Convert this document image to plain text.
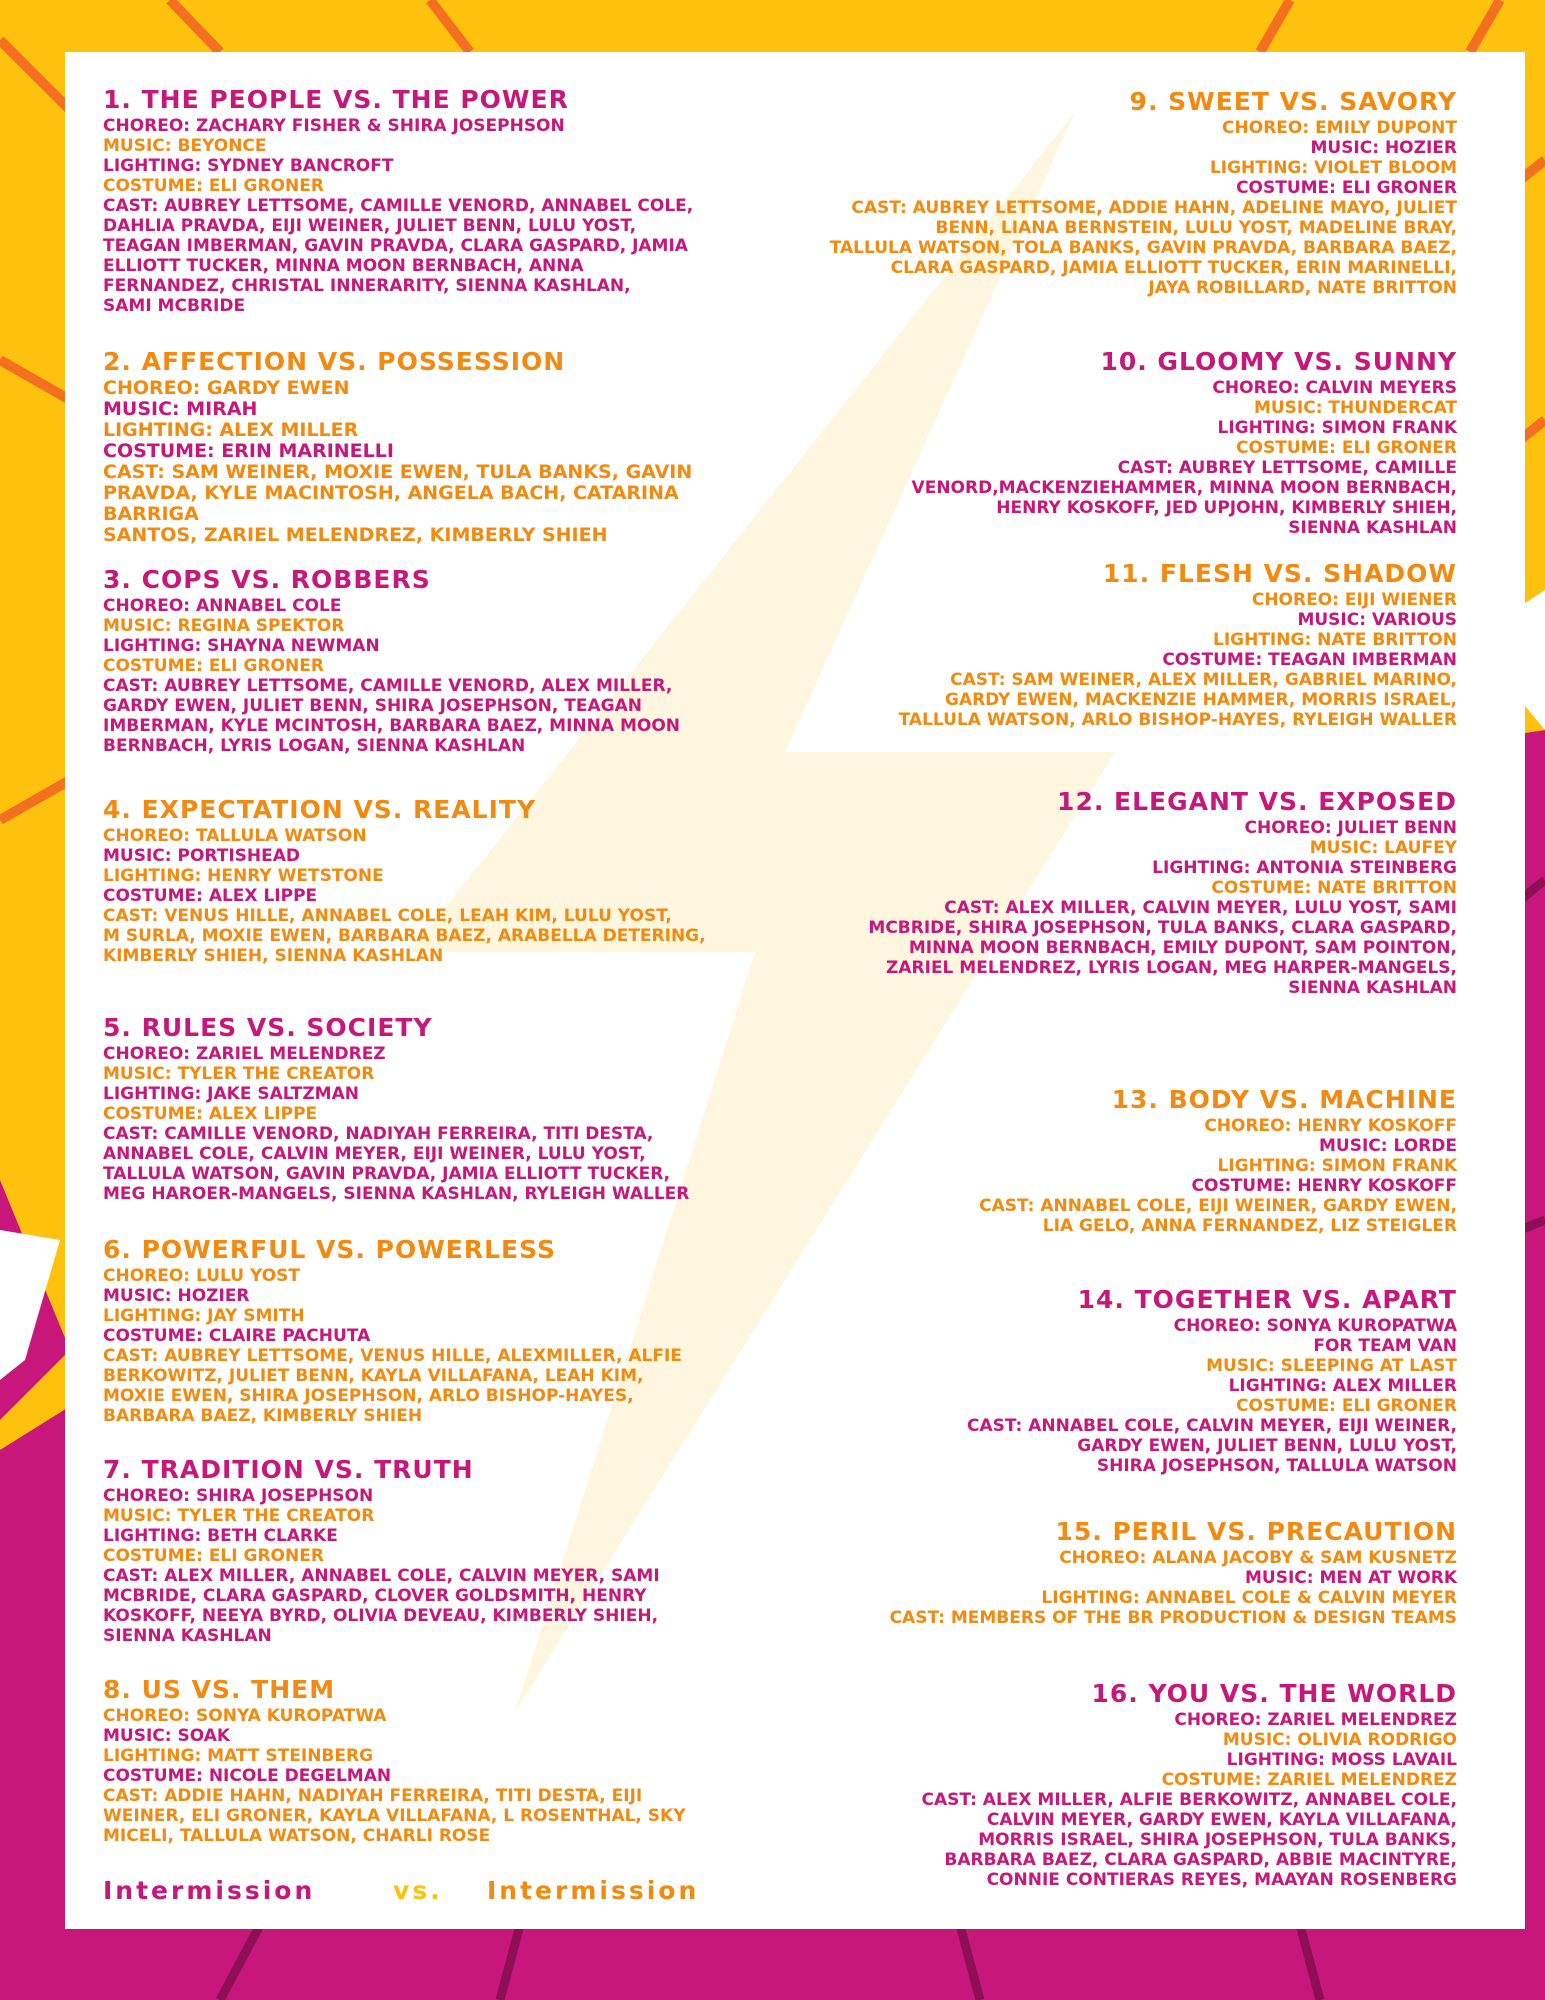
1. THE PEOPLE VS. THE POWER
CHOREO: ZACHARY FISHER & SHIRA JOSEPHSON
MUSIC: BEYONCE
LIGHTING: SYDNEY BANCROFT
COSTUME: ELI GRONER
CAST: AUBREY LETTSOME, CAMILLE VENORD, ANNABEL COLE,
DAHLIA PRAVDA, EIJI WEINER, JULIET BENN, LULU YOST,
TEAGAN IMBERMAN, GAVIN PRAVDA, CLARA GASPARD, JAMIA
ELLIOTT TUCKER, MINNA MOON BERNBACH, ANNA
FERNANDEZ, CHRISTAL INNERARITY, SIENNA KASHLAN,
SAMI MCBRIDE
2. AFFECTION VS. POSSESSION
CHOREO: GARDY EWEN
MUSIC: MIRAH
LIGHTING: ALEX MILLER
COSTUME: ERIN MARINELLI
CAST: SAM WEINER, MOXIE EWEN, TULA BANKS, GAVIN
PRAVDA, KYLE MACINTOSH, ANGELA BACH, CATARINA BARRIGA
SANTOS, ZARIEL MELENDREZ, KIMBERLY SHIEH
3. COPS VS. ROBBERS
CHOREO: ANNABEL COLE
MUSIC: REGINA SPEKTOR
LIGHTING: SHAYNA NEWMAN
COSTUME: ELI GRONER
CAST: AUBREY LETTSOME, CAMILLE VENORD, ALEX MILLER,
GARDY EWEN, JULIET BENN, SHIRA JOSEPHSON, TEAGAN
IMBERMAN, KYLE MCINTOSH, BARBARA BAEZ, MINNA MOON
BERNBACH, LYRIS LOGAN, SIENNA KASHLAN
4. EXPECTATION VS. REALITY
CHOREO: TALLULA WATSON
MUSIC: PORTISHEAD
LIGHTING: HENRY WETSTONE
COSTUME: ALEX LIPPE
CAST: VENUS HILLE, ANNABEL COLE, LEAH KIM, LULU YOST,
M SURLA, MOXIE EWEN, BARBARA BAEZ, ARABELLA DETERING,
KIMBERLY SHIEH, SIENNA KASHLAN
5. RULES VS. SOCIETY
CHOREO: ZARIEL MELENDREZ
MUSIC: TYLER THE CREATOR
LIGHTING: JAKE SALTZMAN
COSTUME: ALEX LIPPE
CAST: CAMILLE VENORD, NADIYAH FERREIRA, TITI DESTA,
ANNABEL COLE, CALVIN MEYER, EIJI WEINER, LULU YOST,
TALLULA WATSON, GAVIN PRAVDA, JAMIA ELLIOTT TUCKER,
MEG HAROER-MANGELS, SIENNA KASHLAN, RYLEIGH WALLER
6. POWERFUL VS. POWERLESS
CHOREO: LULU YOST
MUSIC: HOZIER
LIGHTING: JAY SMITH
COSTUME: CLAIRE PACHUTA
CAST: AUBREY LETTSOME, VENUS HILLE, ALEXMILLER, ALFIE
BERKOWITZ, JULIET BENN, KAYLA VILLAFANA, LEAH KIM,
MOXIE EWEN, SHIRA JOSEPHSON, ARLO BISHOP-HAYES,
BARBARA BAEZ, KIMBERLY SHIEH
7. TRADITION VS. TRUTH
CHOREO: SHIRA JOSEPHSON
MUSIC: TYLER THE CREATOR
LIGHTING: BETH CLARKE
COSTUME: ELI GRONER
CAST: ALEX MILLER, ANNABEL COLE, CALVIN MEYER, SAMI
MCBRIDE, CLARA GASPARD, CLOVER GOLDSMITH, HENRY
KOSKOFF, NEEYA BYRD, OLIVIA DEVEAU, KIMBERLY SHIEH,
SIENNA KASHLAN
8. US VS. THEM
CHOREO: SONYA KUROPATWA
MUSIC: SOAK
LIGHTING: MATT STEINBERG
COSTUME: NICOLE DEGELMAN
CAST: ADDIE HAHN, NADIYAH FERREIRA, TITI DESTA, EIJI
WEINER, ELI GRONER, KAYLA VILLAFANA, L ROSENTHAL, SKY
MICELI, TALLULA WATSON, CHARLI ROSE
Intermission	vs. Intermission
9. SWEET VS. SAVORY
CHOREO: EMILY DUPONT
MUSIC: HOZIER
LIGHTING: VIOLET BLOOM
COSTUME: ELI GRONER
CAST: AUBREY LETTSOME, ADDIE HAHN, ADELINE MAYO, JULIET
BENN, LIANA BERNSTEIN, LULU YOST, MADELINE BRAY,
TALLULA WATSON, TOLA BANKS, GAVIN PRAVDA, BARBARA BAEZ,
CLARA GASPARD, JAMIA ELLIOTT TUCKER, ERIN MARINELLI,
JAYA ROBILLARD, NATE BRITTON
10. GLOOMY VS. SUNNY
CHOREO: CALVIN MEYERS
MUSIC: THUNDERCAT
LIGHTING: SIMON FRANK
COSTUME: ELI GRONER
CAST: AUBREY LETTSOME, CAMILLE
VENORD,MACKENZIEHAMMER, MINNA MOON BERNBACH,
HENRY KOSKOFF, JED UPJOHN, KIMBERLY SHIEH,
SIENNA KASHLAN
11. FLESH VS. SHADOW
CHOREO: EIJI WIENER
MUSIC: VARIOUS
LIGHTING: NATE BRITTON
COSTUME: TEAGAN IMBERMAN
CAST: SAM WEINER, ALEX MILLER, GABRIEL MARINO,
GARDY EWEN, MACKENZIE HAMMER, MORRIS ISRAEL,
TALLULA WATSON, ARLO BISHOP-HAYES, RYLEIGH WALLER
12. ELEGANT VS. EXPOSED
CHOREO: JULIET BENN
MUSIC: LAUFEY
LIGHTING: ANTONIA STEINBERG
COSTUME: NATE BRITTON
CAST: ALEX MILLER, CALVIN MEYER, LULU YOST, SAMI
MCBRIDE, SHIRA JOSEPHSON, TULA BANKS, CLARA GASPARD,
MINNA MOON BERNBACH, EMILY DUPONT, SAM POINTON,
ZARIEL MELENDREZ, LYRIS LOGAN, MEG HARPER-MANGELS,
SIENNA KASHLAN
13. BODY VS. MACHINE
CHOREO: HENRY KOSKOFF
MUSIC: LORDE
LIGHTING: SIMON FRANK
COSTUME: HENRY KOSKOFF
CAST: ANNABEL COLE, EIJI WEINER, GARDY EWEN,
LIA GELO, ANNA FERNANDEZ, LIZ STEIGLER
14. TOGETHER VS. APART
CHOREO: SONYA KUROPATWA
FOR TEAM VAN
MUSIC: SLEEPING AT LAST
LIGHTING: ALEX MILLER
COSTUME: ELI GRONER
CAST: ANNABEL COLE, CALVIN MEYER, EIJI WEINER,
GARDY EWEN, JULIET BENN, LULU YOST,
SHIRA JOSEPHSON, TALLULA WATSON
15. PERIL VS. PRECAUTION
CHOREO: ALANA JACOBY & SAM KUSNETZ
MUSIC: MEN AT WORK
LIGHTING: ANNABEL COLE & CALVIN MEYER
CAST: MEMBERS OF THE BR PRODUCTION & DESIGN TEAMS
16. YOU VS. THE WORLD
CHOREO: ZARIEL MELENDREZ
MUSIC: OLIVIA RODRIGO
LIGHTING: MOSS LAVAIL
COSTUME: ZARIEL MELENDREZ
CAST: ALEX MILLER, ALFIE BERKOWITZ, ANNABEL COLE,
CALVIN MEYER, GARDY EWEN, KAYLA VILLAFANA,
MORRIS ISRAEL, SHIRA JOSEPHSON, TULA BANKS,
BARBARA BAEZ, CLARA GASPARD, ABBIE MACINTYRE,
CONNIE CONTIERAS REYES, MAAYAN ROSENBERG
